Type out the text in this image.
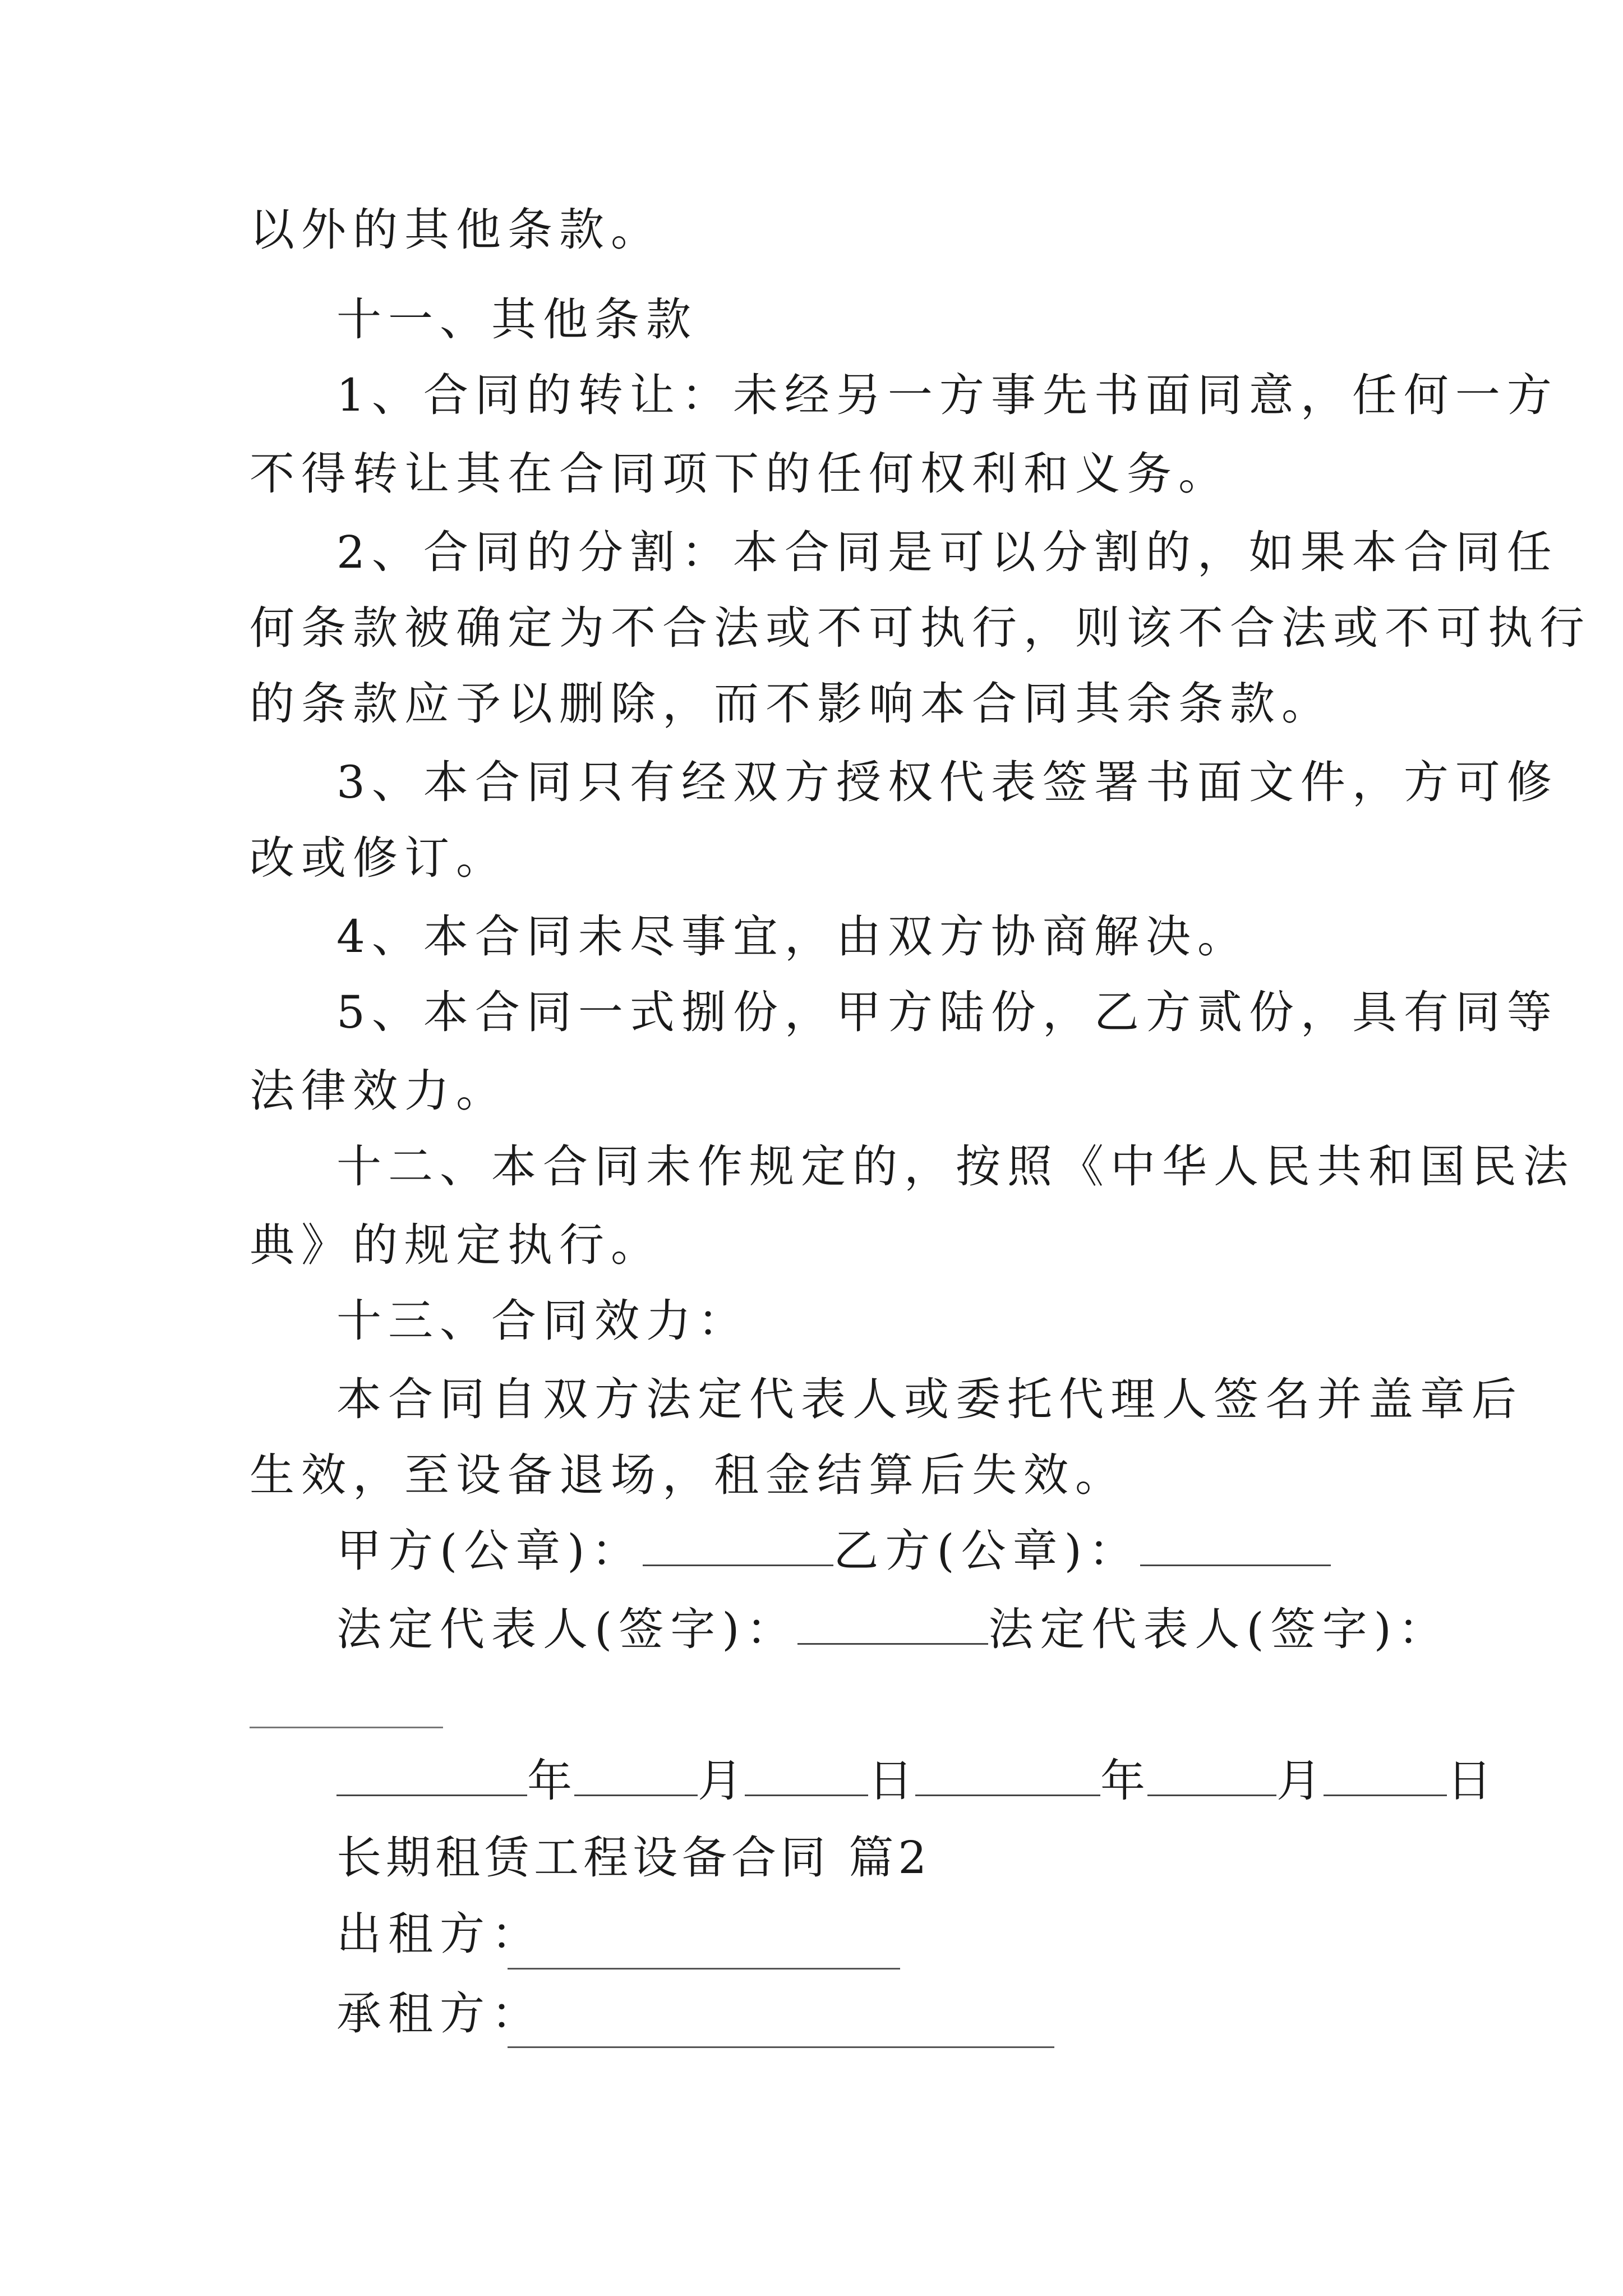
以外的其他条款。
十一、其他条款
1、合同的转让：未经另一方事先书面同意，任何一方
不得转让其在合同项下的任何权利和义务。
2、合同的分割：本合同是可以分割的，如果本合同任
何条款被确定为不合法或不可执行，则该不合法或不可执行
的条款应予以删除，而不影响本合同其余条款。
3、本合同只有经双方授权代表签署书面文件，方可修
改或修订。
4、本合同未尽事宜，由双方协商解决。
5、本合同一式捌份，甲方陆份，乙方贰份，具有同等
法律效力。
十二、本合同未作规定的，按照《中华人民共和国民法
典》的规定执行。
十三、合同效力：
本合同自双方法定代表人或委托代理人签名并盖章后
生效，至设备退场，租金结算后失效。
甲方(公章)：	乙方(公章)：
法定代表人(签字)：	法定代表人(签字)：
年	月	日	年	月	日
长期租赁工程设备合同 篇2
出租方：
承租方：
